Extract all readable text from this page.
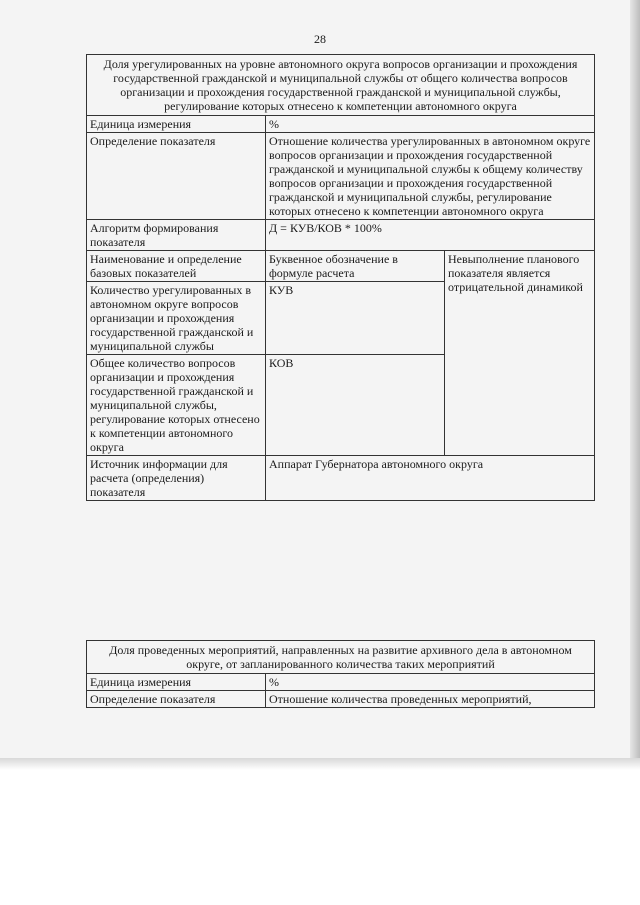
28
Доля урегулированных на уровне автономного округа вопросов организации и прохождения государственной гражданской и муниципальной службы от общего количества вопросов организации и прохождения государственной гражданской и муниципальной службы, регулирование которых отнесено к компетенции автономного округа		
Единица измерения	%	
Определение показателя	Отношение количества урегулированных в автономном округе вопросов организации и прохождения государственной гражданской и муниципальной службы к общему количеству вопросов организации и прохождения государственной гражданской и муниципальной службы, регулирование которых отнесено к компетенции автономного округа	
Алгоритм формирования показателя	Д = КУВ/КОВ * 100%	
Наименование и определение базовых показателей	Буквенное обозначение в формуле расчета	Невыполнение планового показателя является отрицательной динамикой
Количество урегулированных в автономном округе вопросов организации и прохождения государственной гражданской и муниципальной службы	КУВ	
Общее количество вопросов организации и прохождения государственной гражданской и муниципальной службы, регулирование которых отнесено к компетенции автономного округа	КОВ	
Источник информации для расчета (определения) показателя	Аппарат Губернатора автономного округа	
Доля проведенных мероприятий, направленных на развитие архивного дела в автономном округе, от запланированного количества таких мероприятий	
Единица измерения	%
Определение показателя	Отношение количества проведенных мероприятий,
